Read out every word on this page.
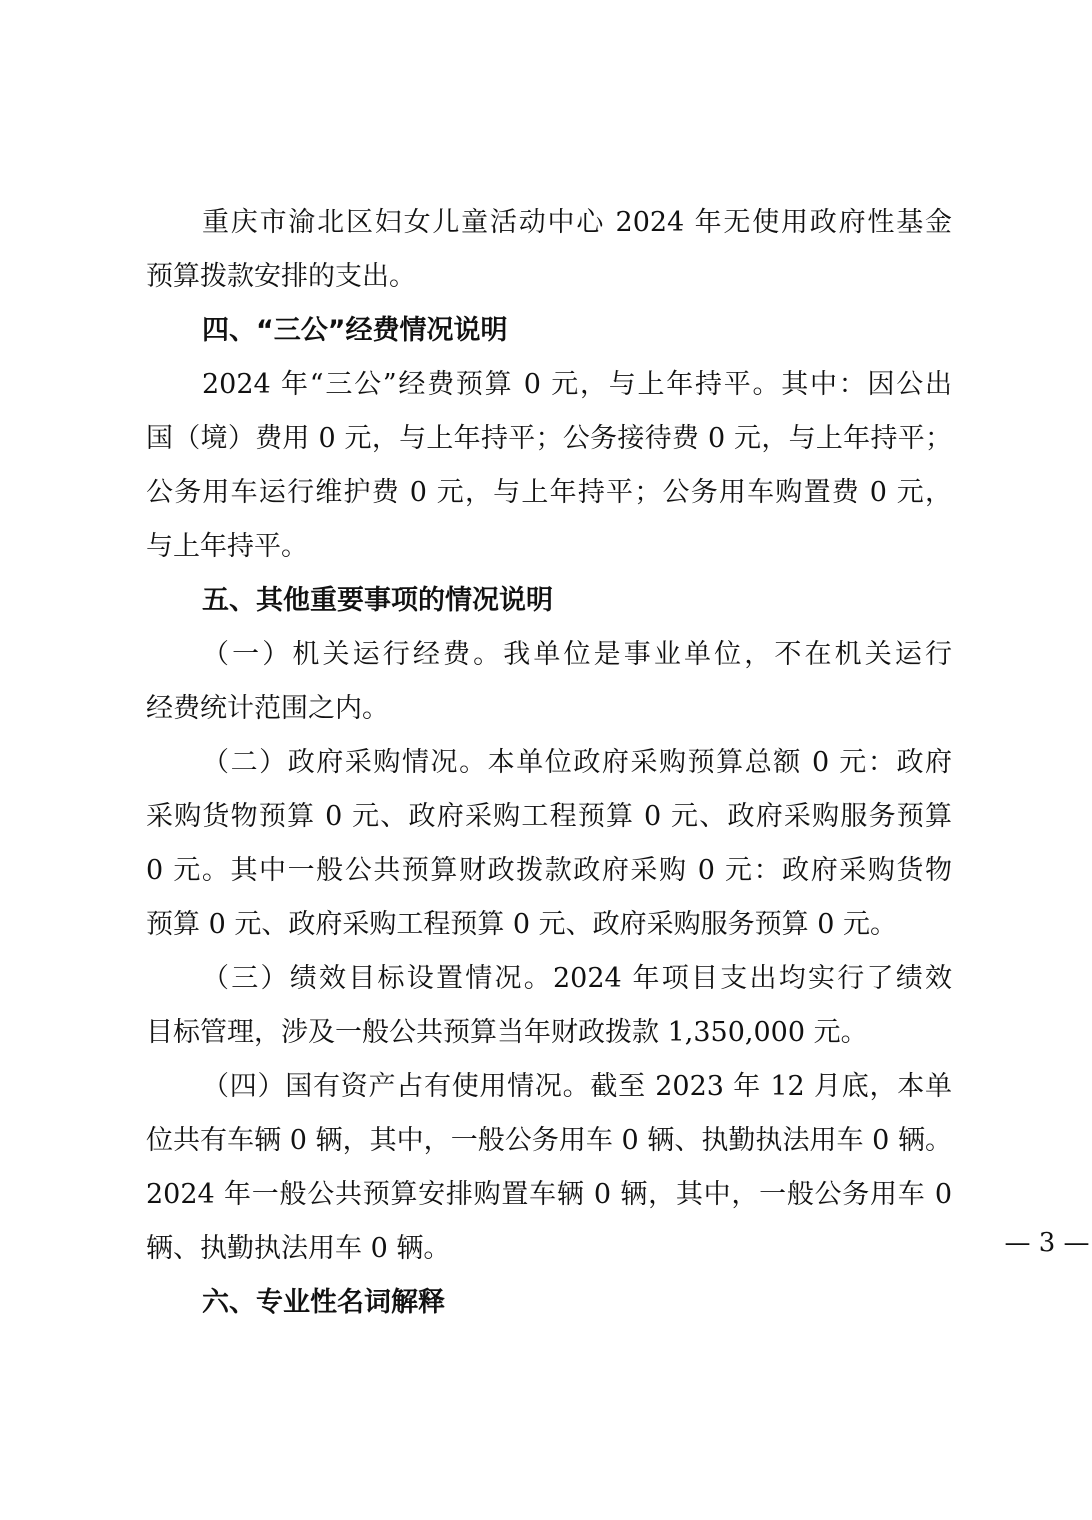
重庆市渝北区妇女儿童活动中心 2024 年无使用政府性基金
预算拨款安排的支出。
四、“三公”经费情况说明
2024 年“三公”经费预算 0 元，与上年持平。其中：因公出
国（境）费用 0 元，与上年持平；公务接待费 0 元，与上年持平；
公务用车运行维护费 0 元，与上年持平；公务用车购置费 0 元，
与上年持平。
五、其他重要事项的情况说明
（一）机关运行经费。我单位是事业单位，不在机关运行
经费统计范围之内。
（二）政府采购情况。本单位政府采购预算总额 0 元：政府
采购货物预算 0 元、政府采购工程预算 0 元、政府采购服务预算
0 元。其中一般公共预算财政拨款政府采购 0 元：政府采购货物
预算 0 元、政府采购工程预算 0 元、政府采购服务预算 0 元。
（三）绩效目标设置情况。2024 年项目支出均实行了绩效
目标管理，涉及一般公共预算当年财政拨款 1,350,000 元。
（四）国有资产占有使用情况。截至 2023 年 12 月底，本单
位共有车辆 0 辆，其中，一般公务用车 0 辆、执勤执法用车 0 辆。
2024 年一般公共预算安排购置车辆 0 辆，其中，一般公务用车 0
辆、执勤执法用车 0 辆。
六、专业性名词解释
— 3 —
